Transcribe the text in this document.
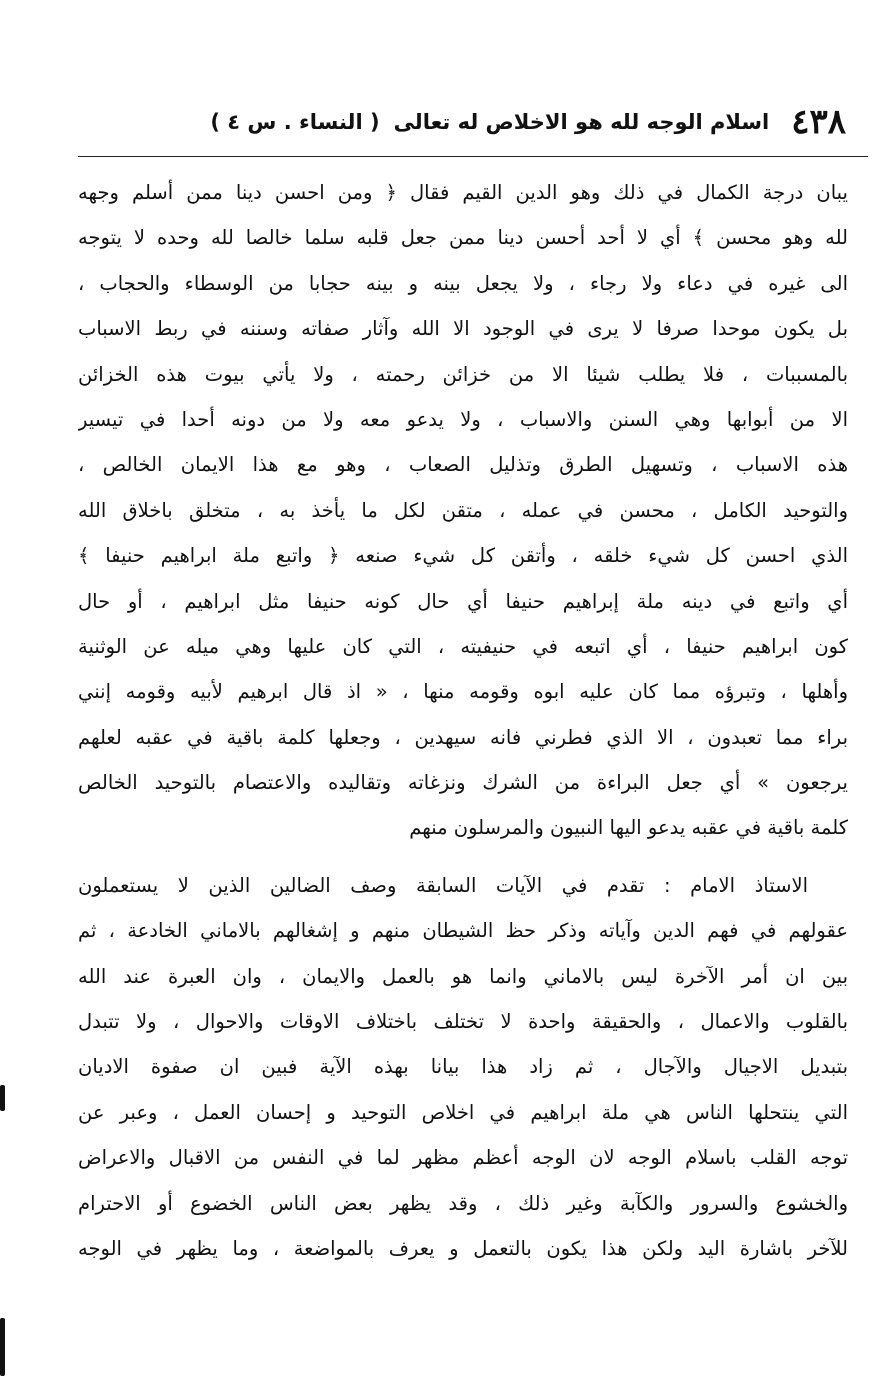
٤٣٨
اسلام الوجه لله هو الاخلاص له تعالى
( النساء . س ٤ )
يبان درجة الكمال في ذلك وهو الدين القيم فقال ﴿ ومن احسن دينا ممن أسلم وجهه
لله وهو محسن ﴾ أي لا أحد أحسن دينا ممن جعل قلبه سلما خالصا لله وحده لا يتوجه
الى غيره في دعاء ولا رجاء ، ولا يجعل بينه و بينه حجابا من الوسطاء والحجاب ،
بل يكون موحدا صرفا لا يرى في الوجود الا الله وآثار صفاته وسننه في ربط الاسباب
بالمسببات ، فلا يطلب شيئا الا من خزائن رحمته ، ولا يأتي بيوت هذه الخزائن
الا من أبوابها وهي السنن والاسباب ، ولا يدعو معه ولا من دونه أحدا في تيسير
هذه الاسباب ، وتسهيل الطرق وتذليل الصعاب ، وهو مع هذا الايمان الخالص ،
والتوحيد الكامل ، محسن في عمله ، متقن لكل ما يأخذ به ، متخلق باخلاق الله
الذي احسن كل شيء خلقه ، وأتقن كل شيء صنعه ﴿ واتبع ملة ابراهيم حنيفا ﴾
أي واتبع في دينه ملة إبراهيم حنيفا أي حال كونه حنيفا مثل ابراهيم ، أو حال
كون ابراهيم حنيفا ، أي اتبعه في حنيفيته ، التي كان عليها وهي ميله عن الوثنية
وأهلها ، وتبرؤه مما كان عليه ابوه وقومه منها ، « اذ قال ابرهيم لأبيه وقومه إنني
براء مما تعبدون ، الا الذي فطرني فانه سيهدين ، وجعلها كلمة باقية في عقبه لعلهم
يرجعون » أي جعل البراءة من الشرك ونزغاته وتقاليده والاعتصام بالتوحيد الخالص
كلمة باقية في عقبه يدعو اليها النبيون والمرسلون منهم
الاستاذ الامام : تقدم في الآيات السابقة وصف الضالين الذين لا يستعملون
عقولهم في فهم الدين وآياته وذكر حظ الشيطان منهم و إشغالهم بالاماني الخادعة ، ثم
بين ان أمر الآخرة ليس بالاماني وانما هو بالعمل والايمان ، وان العبرة عند الله
بالقلوب والاعمال ، والحقيقة واحدة لا تختلف باختلاف الاوقات والاحوال ، ولا تتبدل
بتبديل الاجيال والآجال ، ثم زاد هذا بيانا بهذه الآية فبين ان صفوة الاديان
التي ينتحلها الناس هي ملة ابراهيم في اخلاص التوحيد و إحسان العمل ، وعبر عن
توجه القلب باسلام الوجه لان الوجه أعظم مظهر لما في النفس من الاقبال والاعراض
والخشوع والسرور والكآبة وغير ذلك ، وقد يظهر بعض الناس الخضوع أو الاحترام
للآخر باشارة اليد ولكن هذا يكون بالتعمل و يعرف بالمواضعة ، وما يظهر في الوجه
